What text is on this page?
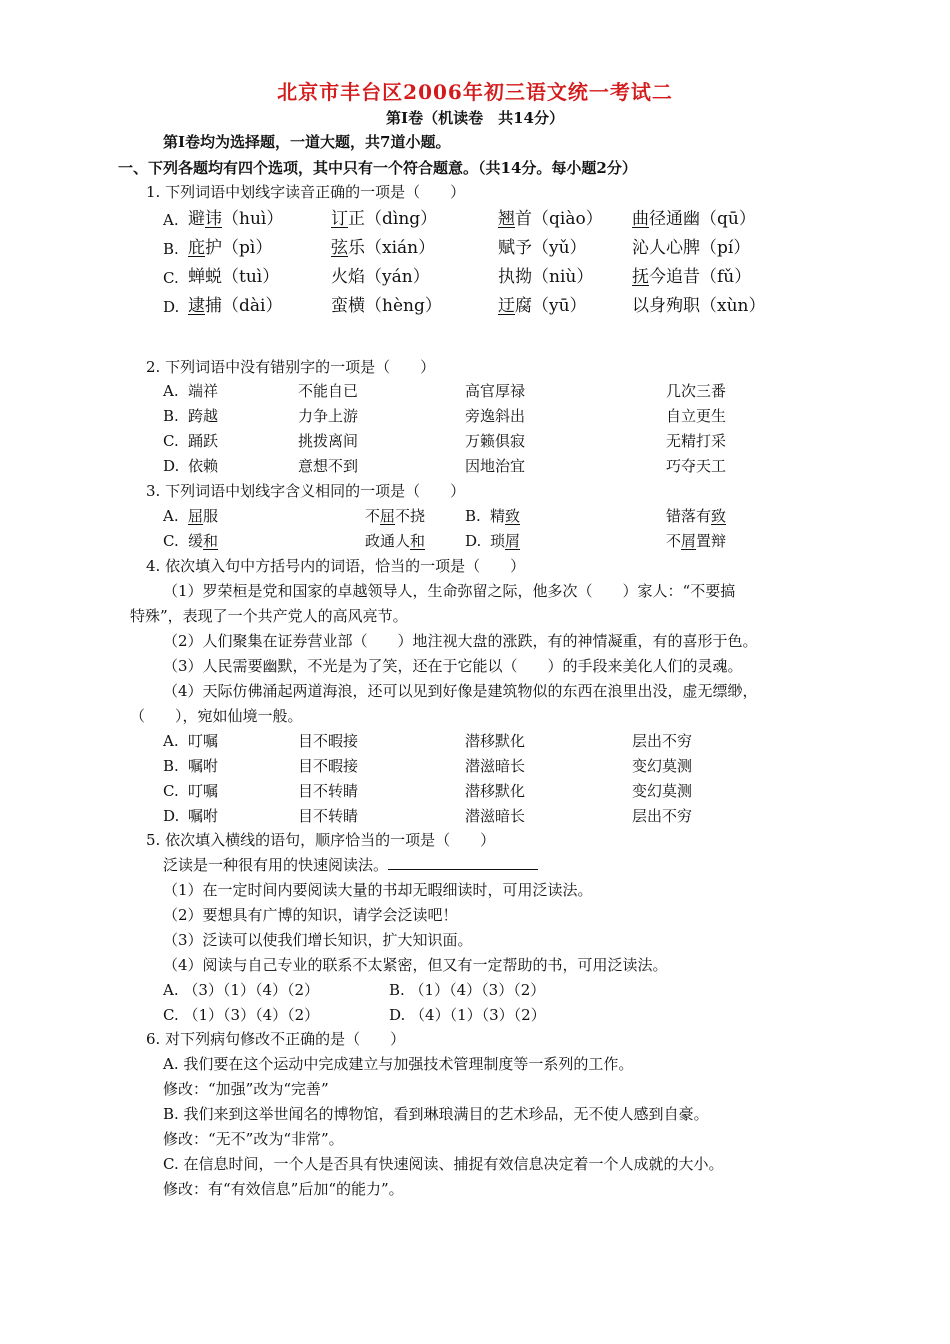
北京市丰台区2006年初三语文统一考试二
第Ⅰ卷（机读卷　共14分）
第Ⅰ卷均为选择题，一道大题，共7道小题。
一、下列各题均有四个选项，其中只有一个符合题意。（共14分。每小题2分）
1. 下列词语中划线字读音正确的一项是（　　）
A. 避讳（huì）	订正（dìng）	翘首（qiào） 曲径通幽（qū）
B. 庇护（pì）	弦乐（xián）	赋予（yǔ）	沁人心脾（pí）
C. 蝉蜕（tuì）	火焰（yán）	执拗（niù） 抚今追昔（fǔ）
D. 逮捕（dài）	蛮横（hèng）	迂腐（yū）	以身殉职（xùn）
2. 下列词语中没有错别字的一项是（　　）
A. 端祥	不能自已	高官厚禄	几次三番
B. 跨越	力争上游	旁逸斜出	自立更生
C. 踊跃	挑拨离间	万籁俱寂	无精打采
D. 依赖	意想不到	因地治宜	巧夺天工
3. 下列词语中划线字含义相同的一项是（　　）
A. 屈服	不屈不挠	B. 精致	错落有致
C. 缓和	政通人和	D. 琐屑	不屑置辩
4. 依次填入句中方括号内的词语，恰当的一项是（　　）
（1）罗荣桓是党和国家的卓越领导人，生命弥留之际，他多次（　　）家人：“不要搞
特殊”，表现了一个共产党人的高风亮节。
（2）人们聚集在证券营业部（　　）地注视大盘的涨跌，有的神情凝重，有的喜形于色。
（3）人民需要幽默，不光是为了笑，还在于它能以（　　）的手段来美化人们的灵魂。
（4）天际仿佛涌起两道海浪，还可以见到好像是建筑物似的东西在浪里出没，虚无缥缈，
（　　），宛如仙境一般。
A. 叮嘱	目不暇接	潜移默化	层出不穷
B. 嘱咐	目不暇接	潜滋暗长	变幻莫测
C. 叮嘱	目不转睛	潜移默化	变幻莫测
D. 嘱咐	目不转睛	潜滋暗长	层出不穷
5. 依次填入横线的语句，顺序恰当的一项是（　　）
泛读是一种很有用的快速阅读法。
（1）在一定时间内要阅读大量的书却无暇细读时，可用泛读法。
（2）要想具有广博的知识，请学会泛读吧！
（3）泛读可以使我们增长知识，扩大知识面。
（4）阅读与自己专业的联系不太紧密，但又有一定帮助的书，可用泛读法。
A. （3）（1）（4）（2）	B. （1）（4）（3）（2）
C. （1）（3）（4）（2）	D. （4）（1）（3）（2）
6. 对下列病句修改不正确的是（　　）
A. 我们要在这个运动中完成建立与加强技术管理制度等一系列的工作。
修改：“加强”改为“完善”
B. 我们来到这举世闻名的博物馆，看到琳琅满目的艺术珍品，无不使人感到自豪。
修改：“无不”改为“非常”。
C. 在信息时间，一个人是否具有快速阅读、捕捉有效信息决定着一个人成就的大小。
修改：有“有效信息”后加“的能力”。
